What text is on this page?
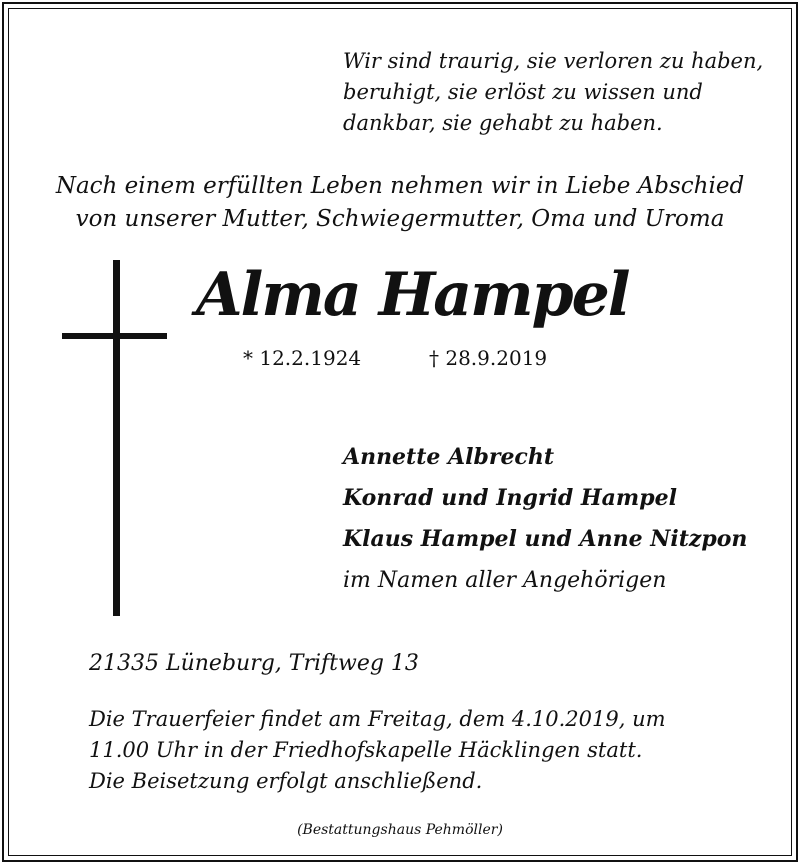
Wir sind traurig, sie verloren zu haben,
beruhigt, sie erlöst zu wissen und
dankbar, sie gehabt zu haben.
Nach einem erfüllten Leben nehmen wir in Liebe Abschied
von unserer Mutter, Schwiegermutter, Oma und Uroma
Alma Hampel
* 12.2.1924	† 28.9.2019
Annette Albrecht
Konrad und Ingrid Hampel
Klaus Hampel und Anne Nitzpon
im Namen aller Angehörigen
21335 Lüneburg, Triftweg 13
Die Trauerfeier findet am Freitag, dem 4.10.2019, um
11.00 Uhr in der Friedhofskapelle Häcklingen statt.
Die Beisetzung erfolgt anschließend.
(Bestattungshaus Pehmöller)
